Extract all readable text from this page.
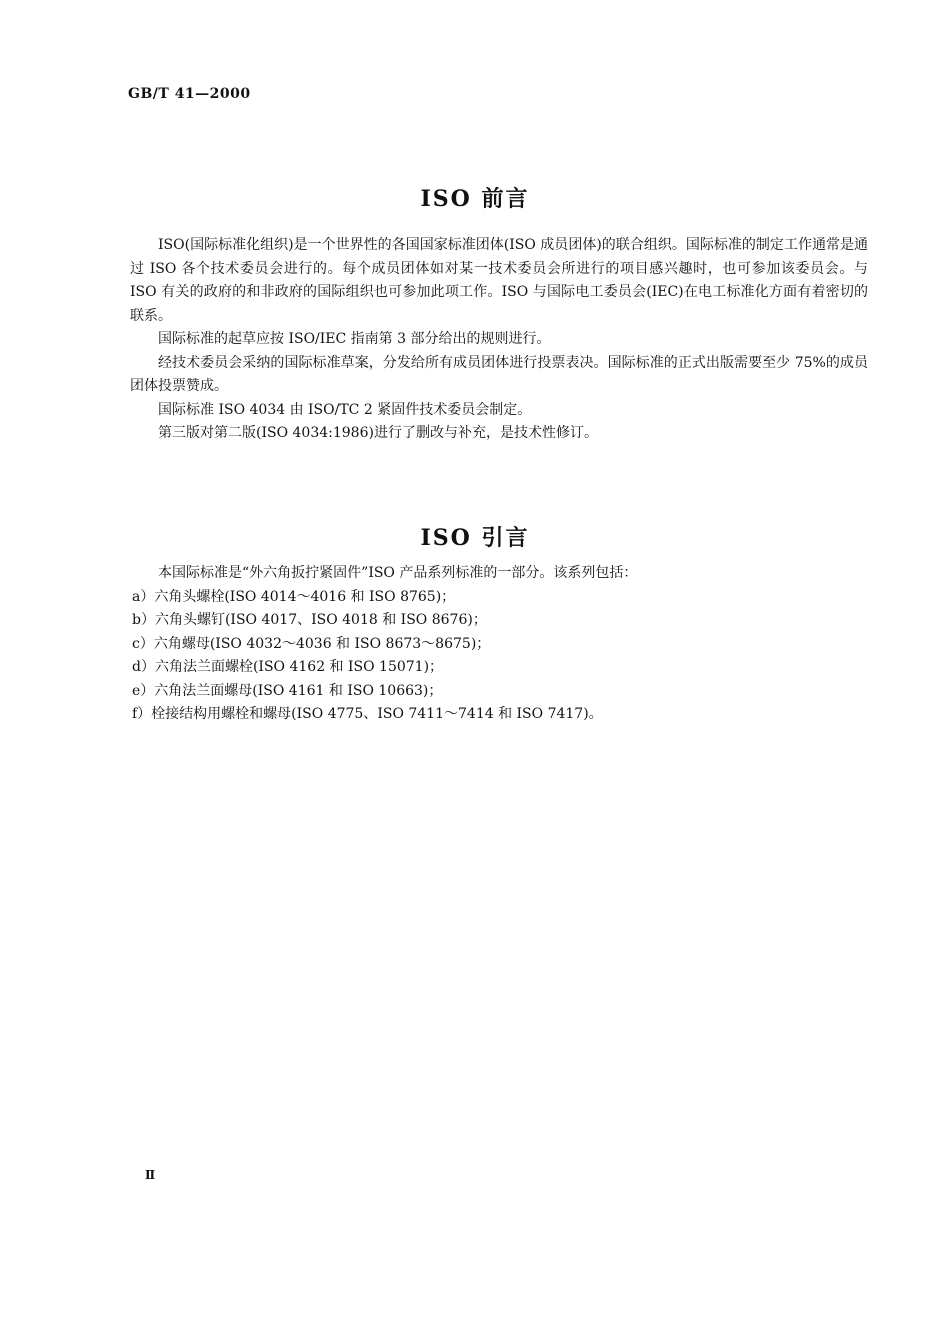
GB/T 41—2000
ISO 前言

ISO(国际标准化组织)是一个世界性的各国国家标准团体(ISO 成员团体)的联合组织。国际标准的制定工作通常是通过 ISO 各个技术委员会进行的。每个成员团体如对某一技术委员会所进行的项目感兴趣时，也可参加该委员会。与 ISO 有关的政府的和非政府的国际组织也可参加此项工作。ISO 与国际电工委员会(IEC)在电工标准化方面有着密切的联系。

国际标准的起草应按 ISO/IEC 指南第 3 部分给出的规则进行。

经技术委员会采纳的国际标准草案，分发给所有成员团体进行投票表决。国际标准的正式出版需要至少 75%的成员团体投票赞成。

国际标准 ISO 4034 由 ISO/TC 2 紧固件技术委员会制定。

第三版对第二版(ISO 4034:1986)进行了删改与补充，是技术性修订。

ISO 引言

本国际标准是“外六角扳拧紧固件”ISO 产品系列标准的一部分。该系列包括：

a）六角头螺栓(ISO 4014～4016 和 ISO 8765)；

b）六角头螺钉(ISO 4017、ISO 4018 和 ISO 8676)；

c）六角螺母(ISO 4032～4036 和 ISO 8673～8675)；

d）六角法兰面螺栓(ISO 4162 和 ISO 15071)；

e）六角法兰面螺母(ISO 4161 和 ISO 10663)；

f）栓接结构用螺栓和螺母(ISO 4775、ISO 7411～7414 和 ISO 7417)。

Ⅱ
